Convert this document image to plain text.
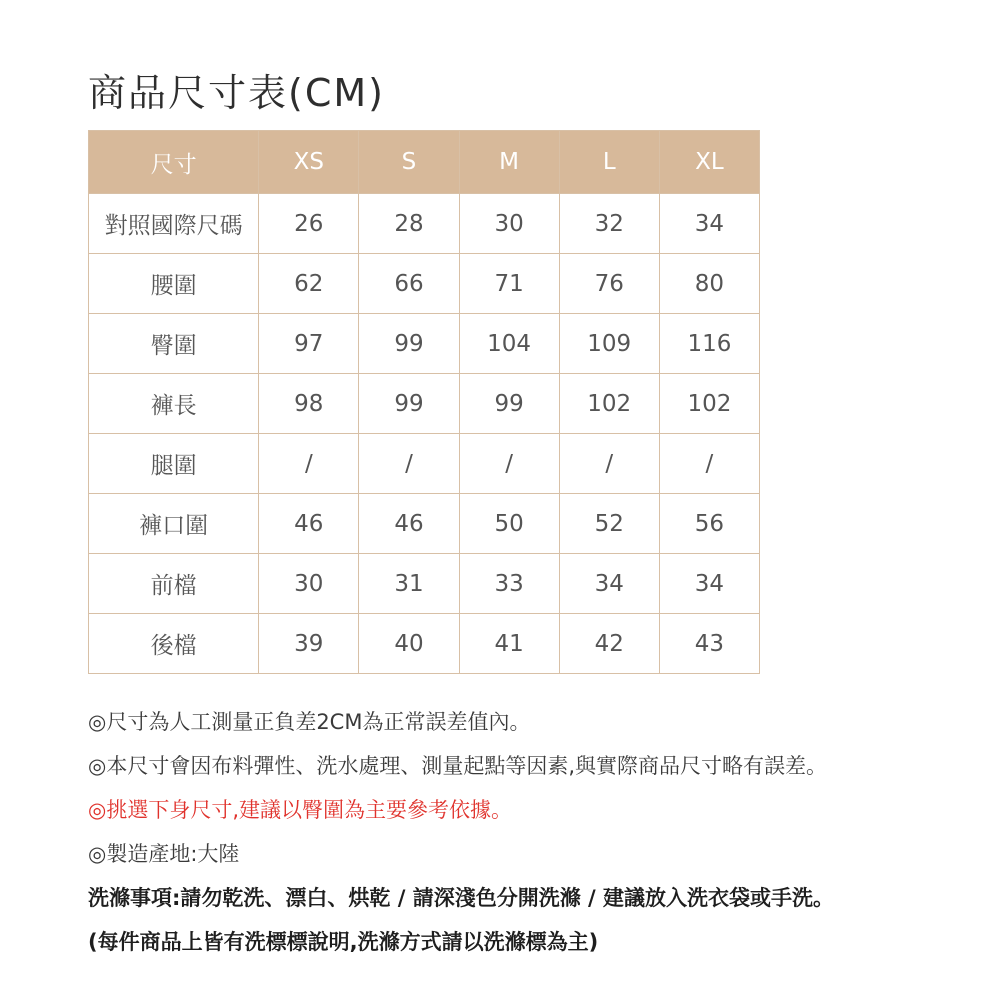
商品尺寸表(CM)
尺寸	XS	S	M	L	XL
對照國際尺碼	26	28	30	32	34
腰圍	62	66	71	76	80
臀圍	97	99	104	109	116
褲長	98	99	99	102	102
腿圍	/	/	/	/	/
褲口圍	46	46	50	52	56
前檔	30	31	33	34	34
後檔	39	40	41	42	43
◎尺寸為人工測量正負差2CM為正常誤差值內。
◎本尺寸會因布料彈性、洗水處理、測量起點等因素,與實際商品尺寸略有誤差。
◎挑選下身尺寸,建議以臀圍為主要參考依據。
◎製造產地:大陸
洗滌事項:請勿乾洗、漂白、烘乾 / 請深淺色分開洗滌 / 建議放入洗衣袋或手洗。
(每件商品上皆有洗標標說明,洗滌方式請以洗滌標為主)
